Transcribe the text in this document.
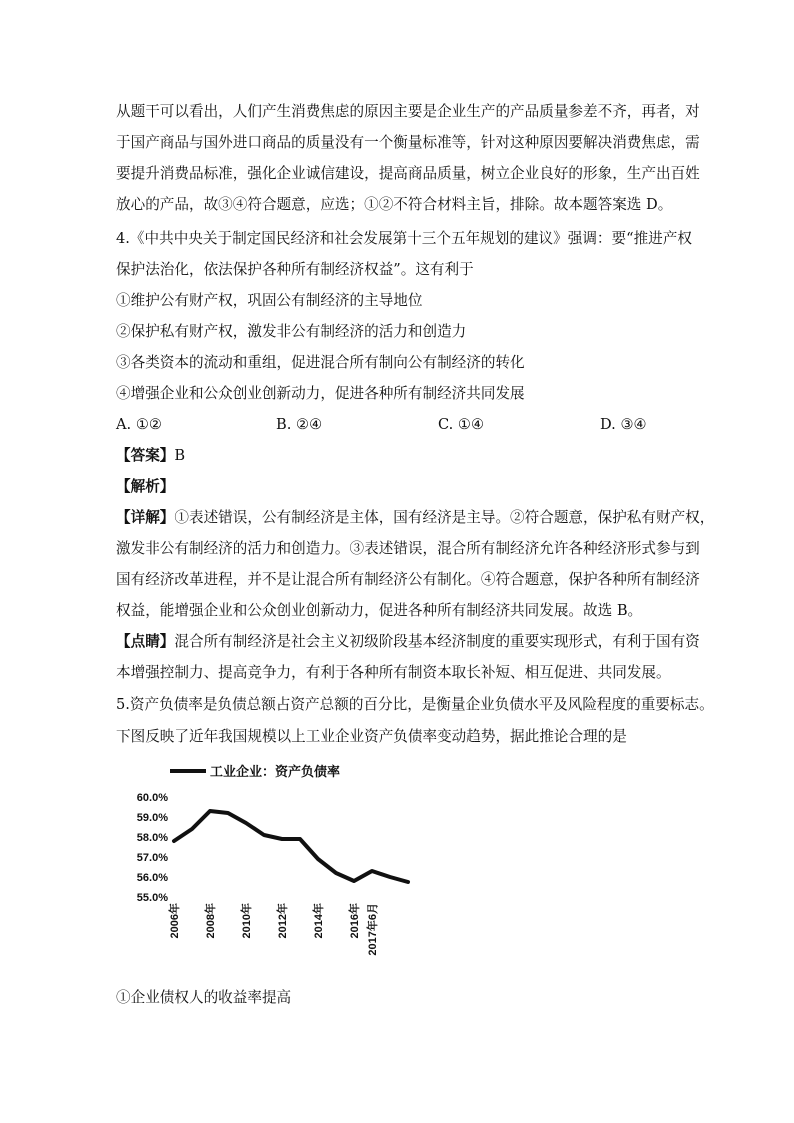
从题干可以看出，人们产生消费焦虑的原因主要是企业生产的产品质量参差不齐，再者，对
于国产商品与国外进口商品的质量没有一个衡量标准等，针对这种原因要解决消费焦虑，需
要提升消费品标准，强化企业诚信建设，提高商品质量，树立企业良好的形象，生产出百姓
放心的产品，故③④符合题意，应选；①②不符合材料主旨，排除。故本题答案选 D。
4.《中共中央关于制定国民经济和社会发展第十三个五年规划的建议》强调：要“推进产权
保护法治化，依法保护各种所有制经济权益”。这有利于
①维护公有财产权，巩固公有制经济的主导地位
②保护私有财产权，激发非公有制经济的活力和创造力
③各类资本的流动和重组，促进混合所有制向公有制经济的转化
④增强企业和公众创业创新动力，促进各种所有制经济共同发展
A. ①②	B. ②④	C. ①④	D. ③④
【答案】B
【解析】
【详解】①表述错误，公有制经济是主体，国有经济是主导。②符合题意，保护私有财产权，
激发非公有制经济的活力和创造力。③表述错误，混合所有制经济允许各种经济形式参与到
国有经济改革进程，并不是让混合所有制经济公有制化。④符合题意，保护各种所有制经济
权益，能增强企业和公众创业创新动力，促进各种所有制经济共同发展。故选 B。
【点睛】混合所有制经济是社会主义初级阶段基本经济制度的重要实现形式，有利于国有资
本增强控制力、提高竞争力，有利于各种所有制资本取长补短、相互促进、共同发展。
5.资产负债率是负债总额占资产总额的百分比，是衡量企业负债水平及风险程度的重要标志。
下图反映了近年我国规模以上工业企业资产负债率变动趋势，据此推论合理的是
工业企业：资产负债率
60.0%
59.0%
58.0%
57.0%
56.0%
55.0%
2006年 2008年 2010年 2012年 2014年 2016年 2017年6月
①企业债权人的收益率提高
